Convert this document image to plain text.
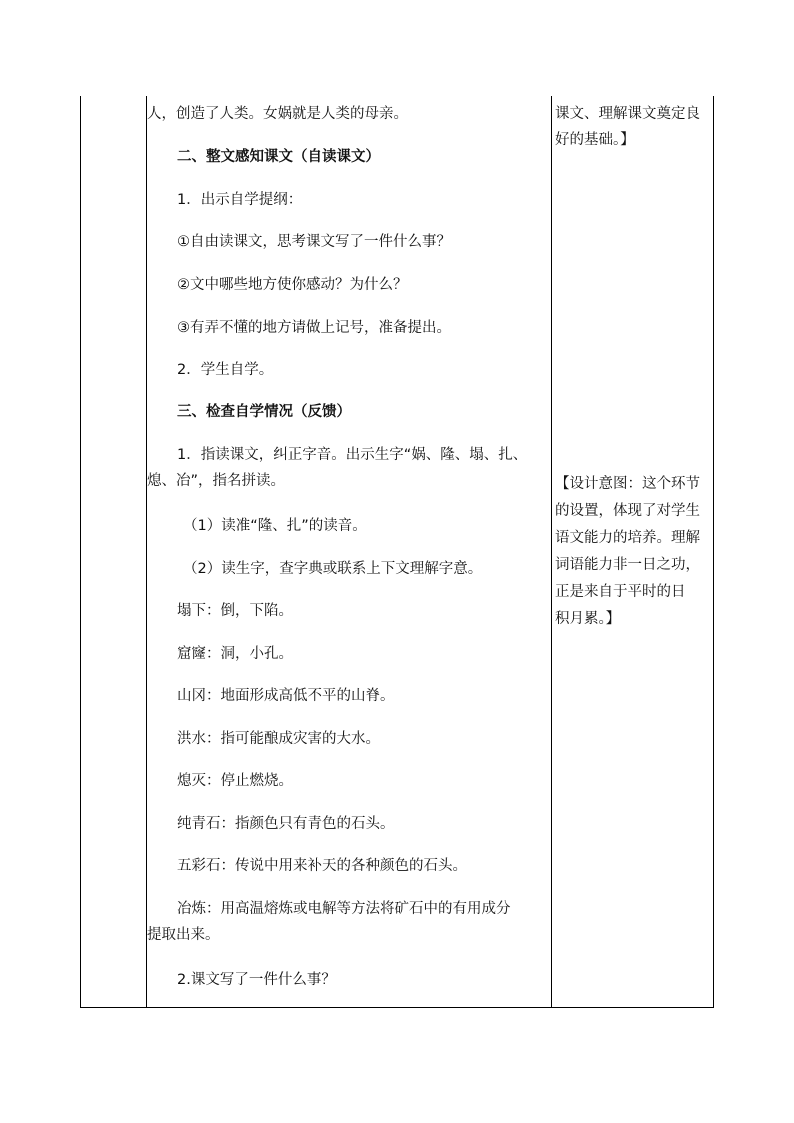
人，创造了人类。女娲就是人类的母亲。
二、整文感知课文（自读课文）
1．出示自学提纲：
①自由读课文，思考课文写了一件什么事？
②文中哪些地方使你感动？为什么？
③有弄不懂的地方请做上记号，准备提出。
2．学生自学。
三、检查自学情况（反馈）
1．指读课文，纠正字音。出示生字“娲、隆、塌、扎、
熄、冶”，指名拼读。
（1）读准“隆、扎”的读音。
（2）读生字，查字典或联系上下文理解字意。
塌下：倒，下陷。
窟窿：洞，小孔。
山冈：地面形成高低不平的山脊。
洪水：指可能酿成灾害的大水。
熄灭：停止燃烧。
纯青石：指颜色只有青色的石头。
五彩石：传说中用来补天的各种颜色的石头。
冶炼：用高温熔炼或电解等方法将矿石中的有用成分
提取出来。
2.课文写了一件什么事？
课文、理解课文奠定良
好的基础。】
【设计意图：这个环节
的设置，体现了对学生
语文能力的培养。理解
词语能力非一日之功，
正是来自于平时的日
积月累。】
